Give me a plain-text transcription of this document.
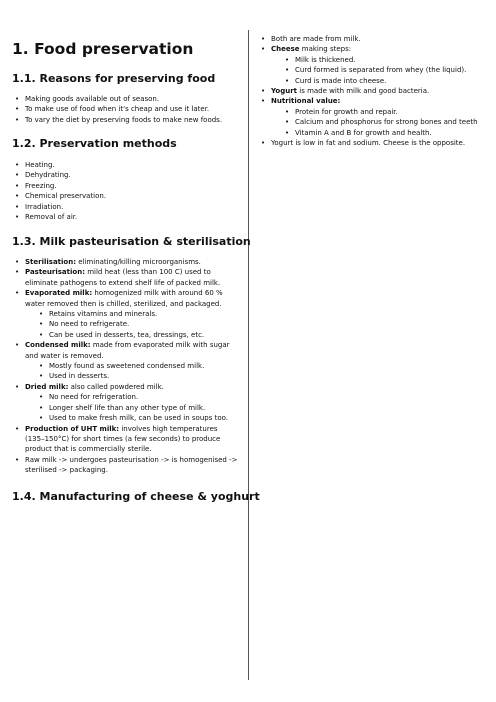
1. Food preservation
1.1. Reasons for preserving food
• Making goods available out of season.
• To make use of food when it's cheap and use it later.
• To vary the diet by preserving foods to make new foods.
1.2. Preservation methods
• Heating.
• Dehydrating.
• Freezing.
• Chemical preservation.
• Irradiation.
• Removal of air.
1.3. Milk pasteurisation & sterilisation
• Sterilisation: eliminating/killing microorganisms.
• Pasteurisation: mild heat (less than 100 C) used to eliminate pathogens to extend shelf life of packed milk.
• Evaporated milk: homogenized milk with around 60 % water removed then is chilled, sterilized, and packaged.
• Retains vitamins and minerals.
• No need to refrigerate.
• Can be used in desserts, tea, dressings, etc.
• Condensed milk: made from evaporated milk with sugar and water is removed.
• Mostly found as sweetened condensed milk.
• Used in desserts.
• Dried milk: also called powdered milk.
• No need for refrigeration.
• Longer shelf life than any other type of milk.
• Used to make fresh milk, can be used in soups too.
• Production of UHT milk: involves high temperatures (135–150°C) for short times (a few seconds) to produce product that is commercially sterile.
• Raw milk -> undergoes pasteurisation -> is homogenised -> sterilised -> packaging.
1.4. Manufacturing of cheese & yoghurt
• Both are made from milk.
• Cheese making steps:
• Milk is thickened.
• Curd formed is separated from whey (the liquid).
• Curd is made into cheese.
• Yogurt is made with milk and good bacteria.
• Nutritional value:
• Protein for growth and repair.
• Calcium and phosphorus for strong bones and teeth
• Vitamin A and B for growth and health.
• Yogurt is low in fat and sodium. Cheese is the opposite.
